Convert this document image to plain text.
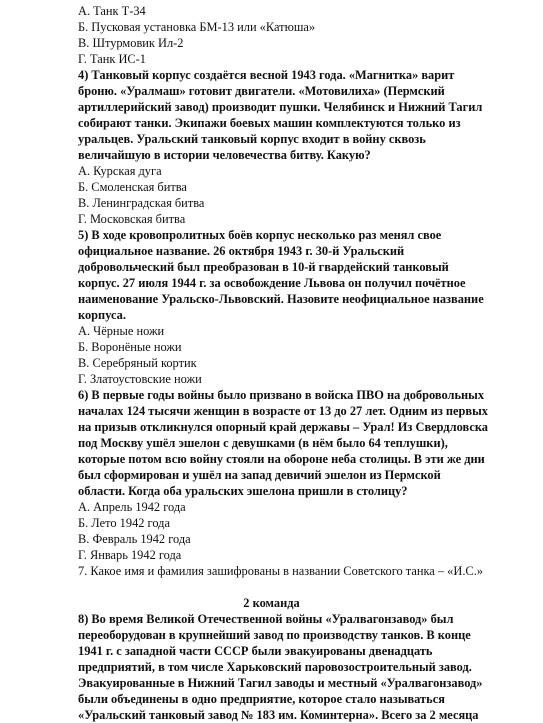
А. Танк Т-34
Б. Пусковая установка БМ-13 или «Катюша»
В. Штурмовик Ил-2
Г. Танк ИС-1
4) Танковый корпус создаётся весной 1943 года. «Магнитка» варит
броню. «Уралмаш» готовит двигатели. «Мотовилиха» (Пермский
артиллерийский завод) производит пушки. Челябинск и Нижний Тагил
собирают танки. Экипажи боевых машин комплектуются только из
уральцев. Уральский танковый корпус входит в войну сквозь
величайшую в истории человечества битву. Какую?
А. Курская дуга
Б. Смоленская битва
В. Ленинградская битва
Г. Московская битва
5) В ходе кровопролитных боёв корпус несколько раз менял свое
официальное название. 26 октября 1943 г. 30-й Уральский
добровольческий был преобразован в 10-й гвардейский танковый
корпус. 27 июля 1944 г. за освобождение Львова он получил почётное
наименование Уральско-Львовский. Назовите неофициальное название
корпуса.
А. Чёрные ножи
Б. Ворoнёные ножи
В. Серебряный кортик
Г. Златоустовские ножи
6) В первые годы войны было призвано в войска ПВО на добровольных
началах 124 тысячи женщин в возрасте от 13 до 27 лет. Одним из первых
на призыв откликнулся опорный край державы – Урал! Из Свердловска
под Москву ушёл эшелон с девушками (в нём было 64 теплушки),
которые потом всю войну стояли на обороне неба столицы. В эти же дни
был сформирован и ушёл на запад девичий эшелон из Пермской
области. Когда оба уральских эшелона пришли в столицу?
А. Апрель 1942 года
Б. Лето 1942 года
В. Февраль 1942 года
Г. Январь 1942 года
7. Какое имя и фамилия зашифрованы в названии Советского танка – «И.С.»
2 команда
8) Во время Великой Отечественной войны «Уралвагонзавод» был
переоборудован в крупнейший завод по производству танков. В конце
1941 г. с западной части СССР были эвакуированы двенадцать
предприятий, в том числе Харьковский паровозостроительный завод.
Эвакуированные в Нижний Тагил заводы и местный «Уралвагонзавод»
были объединены в одно предприятие, которое стало называться
«Уральский танковый завод № 183 им. Коминтерна». Всего за 2 месяца
